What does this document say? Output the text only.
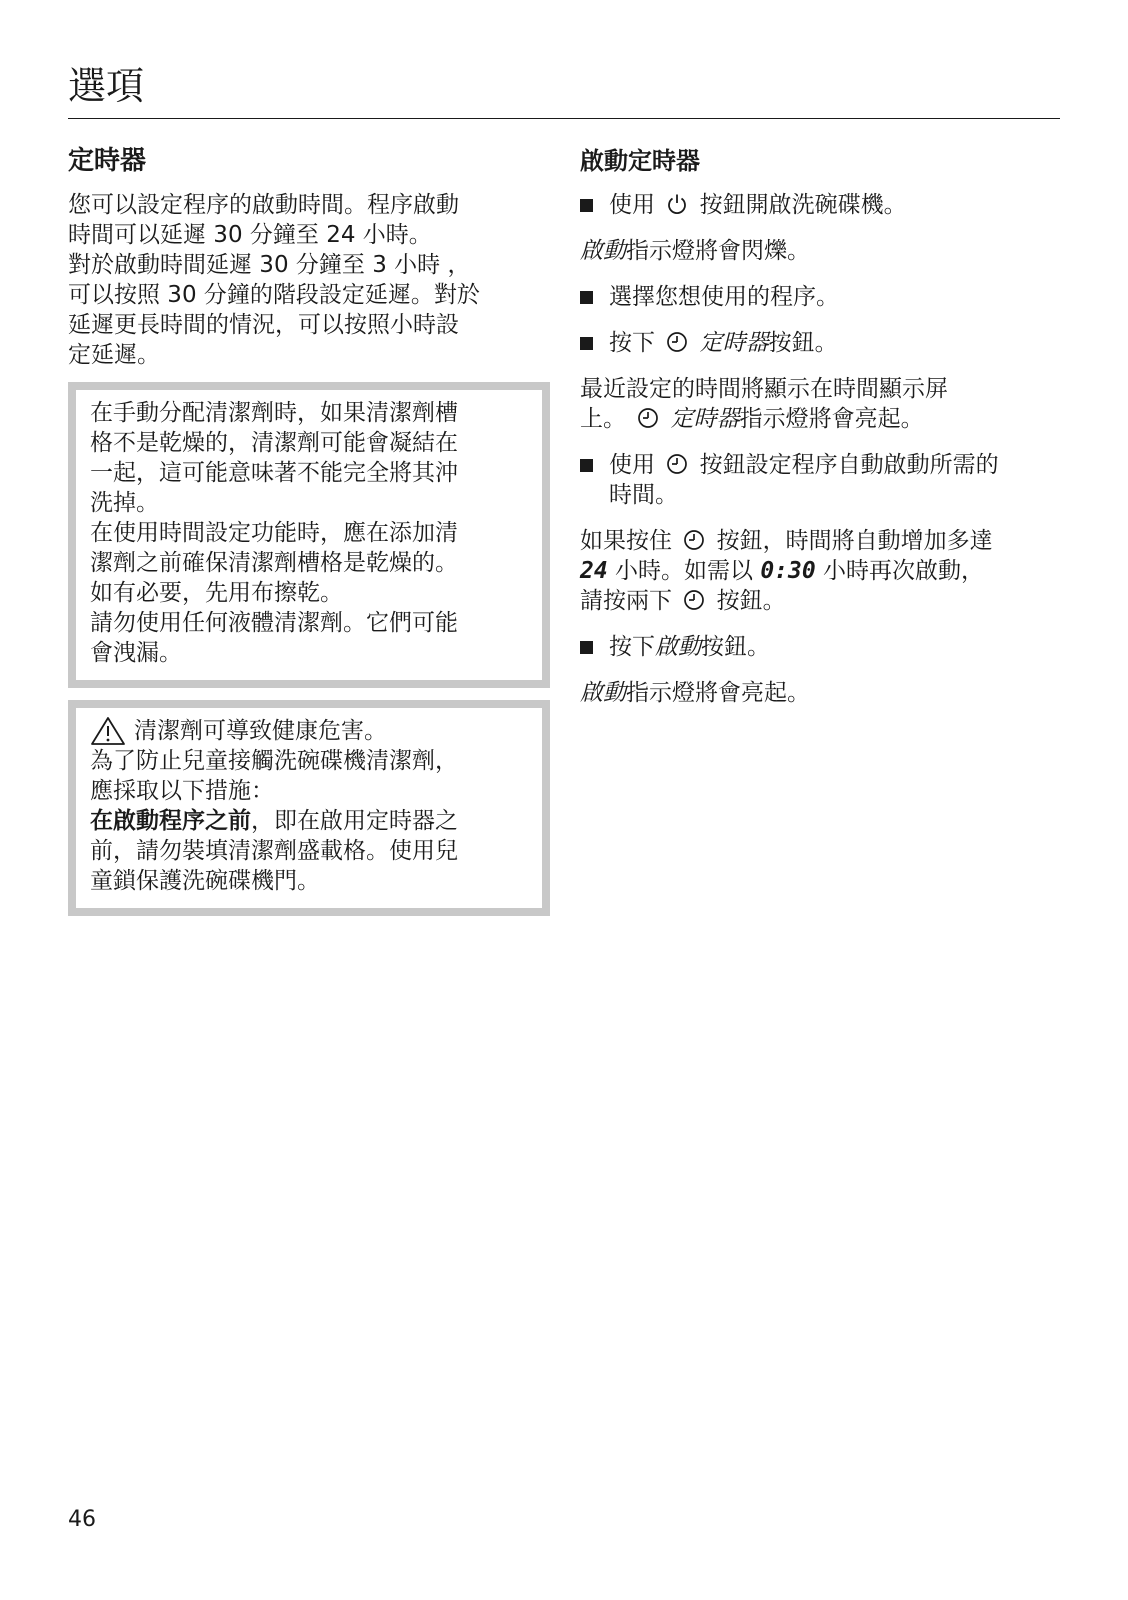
選項
定時器

您可以設定程序的啟動時間。程序啟動

時間可以延遲 30 分鐘至 24 小時。

對於啟動時間延遲 30 分鐘至 3 小時 ，

可以按照 30 分鐘的階段設定延遲。對於

延遲更長時間的情況，可以按照小時設

定延遲。

在手動分配清潔劑時，如果清潔劑槽

格不是乾燥的，清潔劑可能會凝結在

一起，這可能意味著不能完全將其沖

洗掉。

在使用時間設定功能時，應在添加清

潔劑之前確保清潔劑槽格是乾燥的。

如有必要，先用布擦乾。

請勿使用任何液體清潔劑。它們可能

會洩漏。

清潔劑可導致健康危害。

為了防止兒童接觸洗碗碟機清潔劑，

應採取以下措施：

在啟動程序之前，即在啟用定時器之

前，請勿裝填清潔劑盛載格。使用兒

童鎖保護洗碗碟機門。

啟動定時器
使用 按鈕開啟洗碗碟機。

啟動指示燈將會閃爍。

選擇您想使用的程序。
按下 定時器按鈕。

最近設定的時間將顯示在時間顯示屏

上。 定時器指示燈將會亮起。

使用 按鈕設定程序自動啟動所需的
時間。

如果按住 按鈕，時間將自動增加多達

24 小時。如需以 0:30 小時再次啟動，

請按兩下 按鈕。

按下啟動按鈕。

啟動指示燈將會亮起。

46
